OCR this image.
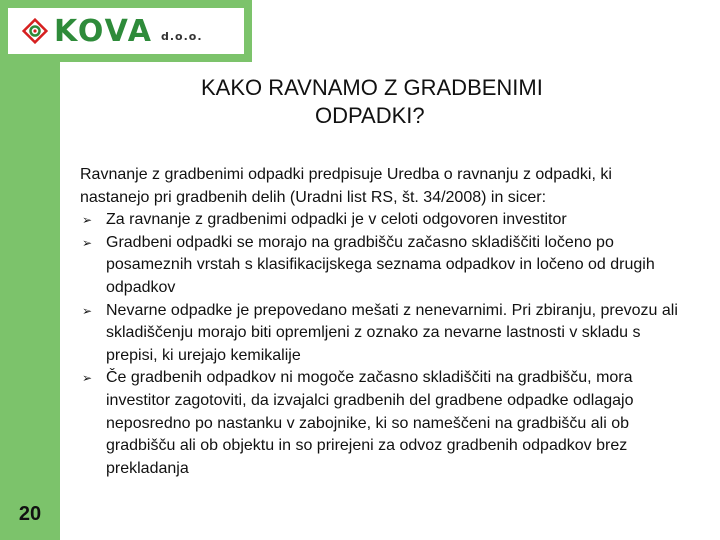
KOVA d.o.o.
KAKO RAVNAMO Z GRADBENIMI
ODPADKI?

Ravnanje z gradbenimi odpadki predpisuje Uredba o ravnanju z odpadki, ki nastanejo pri gradbenih delih (Uradni list RS, št. 34/2008) in sicer:

➢ Za ravnanje z gradbenimi odpadki je v celoti odgovoren investitor
➢ Gradbeni odpadki se morajo na gradbišču začasno skladiščiti ločeno po posameznih vrstah s klasifikacijskega seznama odpadkov in ločeno od drugih odpadkov
➢ Nevarne odpadke je prepovedano mešati z nenevarnimi. Pri zbiranju, prevozu ali skladiščenju morajo biti opremljeni z oznako za nevarne lastnosti v skladu s prepisi, ki urejajo kemikalije
➢ Če gradbenih odpadkov ni mogoče začasno skladiščiti na gradbišču, mora investitor zagotoviti, da izvajalci gradbenih del gradbene odpadke odlagajo neposredno po nastanku v zabojnike, ki so nameščeni na gradbišču ali ob gradbišču ali ob objektu in so prirejeni za odvoz gradbenih odpadkov brez prekladanja
20
